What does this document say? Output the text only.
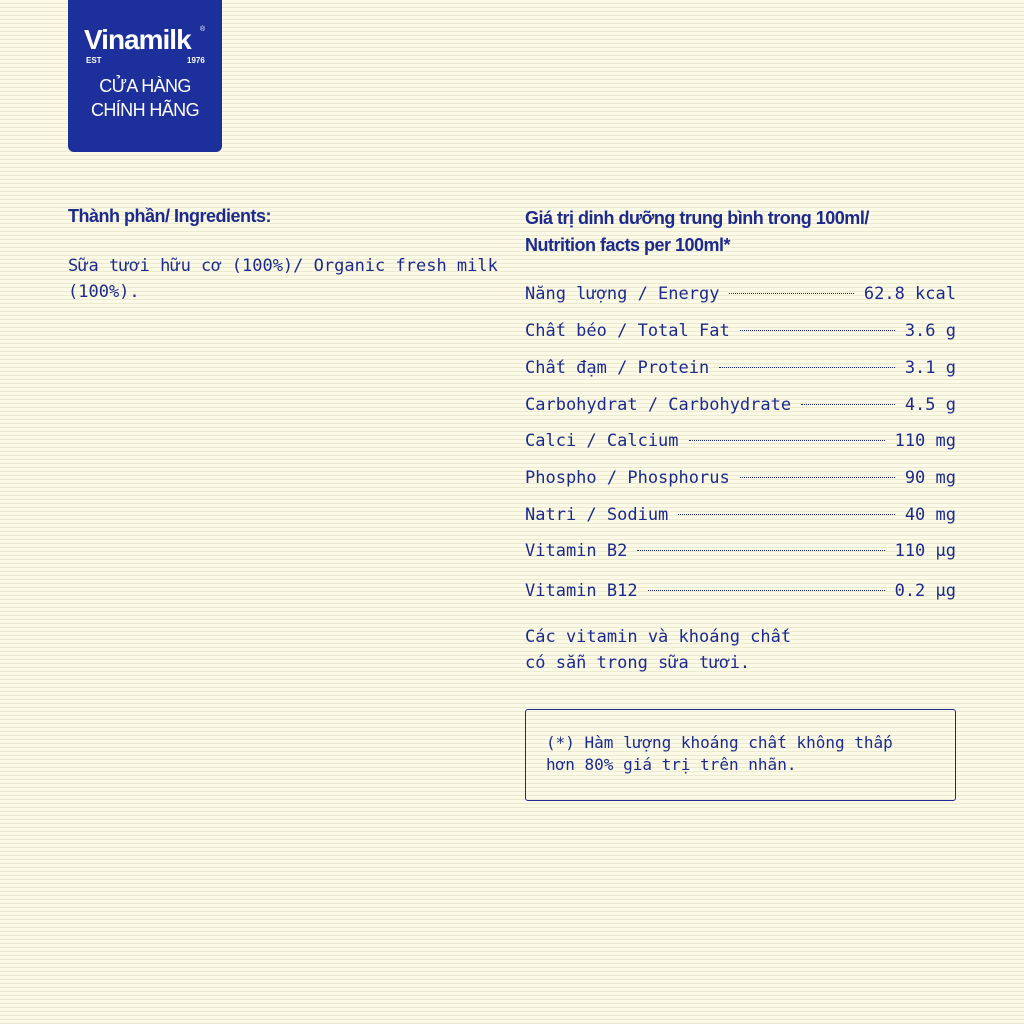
Vinamilk ®
EST	1976
CỬA HÀNG
CHÍNH HÃNG
Thành phần/ Ingredients:
Sữa tươi hữu cơ (100%)/ Organic fresh milk (100%).
Giá trị dinh dưỡng trung bình trong 100ml/
Nutrition facts per 100ml*
Năng lượng / Energy	62.8 kcal
Chất béo / Total Fat	3.6 g
Chất đạm / Protein	3.1 g
Carbohydrat / Carbohydrate	4.5 g
Calci / Calcium	110 mg
Phospho / Phosphorus	90 mg
Natri / Sodium	40 mg
Vitamin B2	110 µg
Vitamin B12	0.2 µg
Các vitamin và khoáng chất
có sẵn trong sữa tươi.
(*) Hàm lượng khoáng chất không thấp
hơn 80% giá trị trên nhãn.
